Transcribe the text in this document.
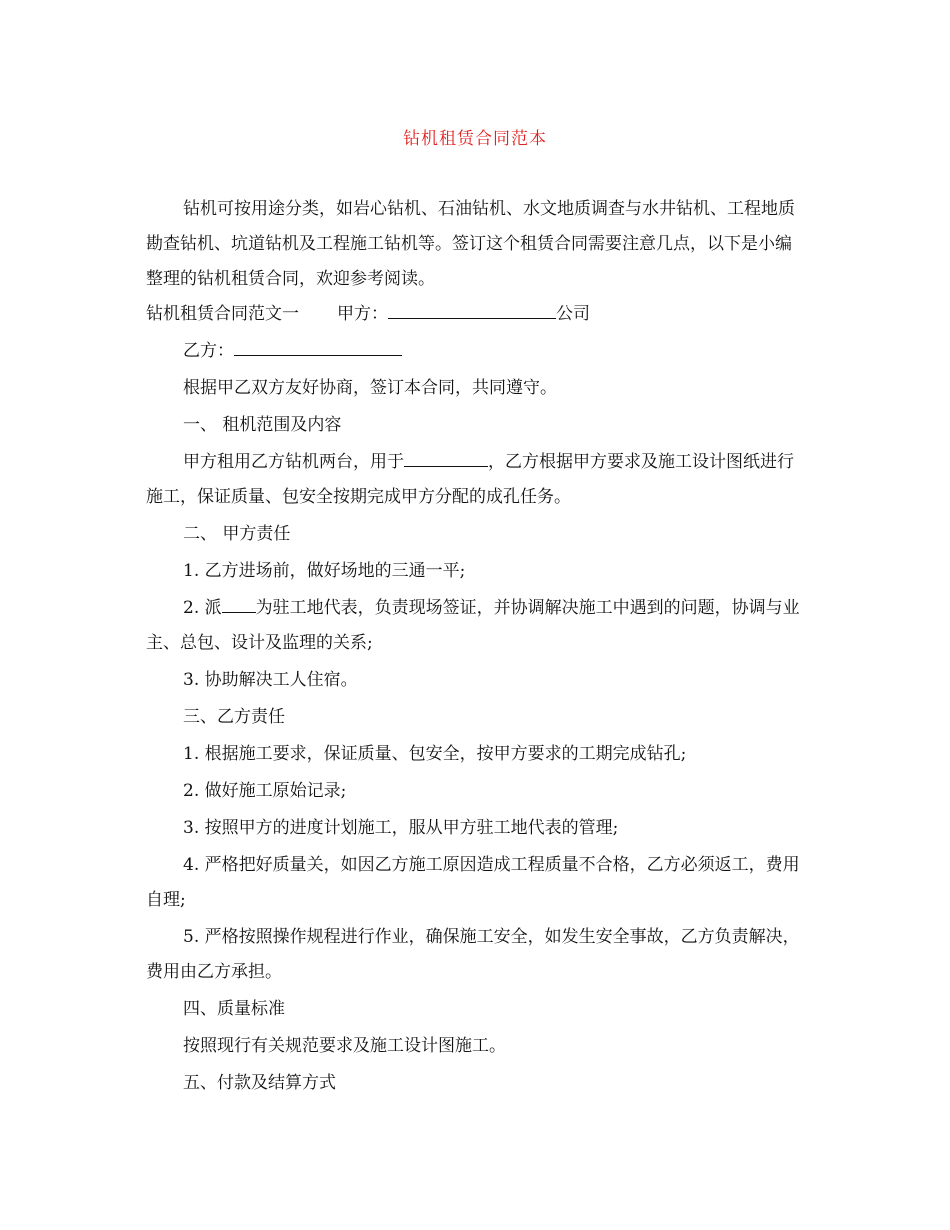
钻机租赁合同范本

钻机可按用途分类，如岩心钻机、石油钻机、水文地质调查与水井钻机、工程地质勘查钻机、坑道钻机及工程施工钻机等。签订这个租赁合同需要注意几点，以下是小编整理的钻机租赁合同，欢迎参考阅读。

钻机租赁合同范文一 甲方：	公司

乙方：

根据甲乙双方友好协商，签订本合同，共同遵守。

一、 租机范围及内容

甲方租用乙方钻机两台，用于	，乙方根据甲方要求及施工设计图纸进行施工，保证质量、包安全按期完成甲方分配的成孔任务。

二、 甲方责任

1. 乙方进场前，做好场地的三通一平;

2. 派 为驻工地代表，负责现场签证，并协调解决施工中遇到的问题，协调与业主、总包、设计及监理的关系;

3. 协助解决工人住宿。

三、乙方责任

1. 根据施工要求，保证质量、包安全，按甲方要求的工期完成钻孔;

2. 做好施工原始记录;

3. 按照甲方的进度计划施工，服从甲方驻工地代表的管理;

4. 严格把好质量关，如因乙方施工原因造成工程质量不合格，乙方必须返工，费用自理;

5. 严格按照操作规程进行作业，确保施工安全，如发生安全事故，乙方负责解决，费用由乙方承担。

四、质量标准

按照现行有关规范要求及施工设计图施工。

五、付款及结算方式
